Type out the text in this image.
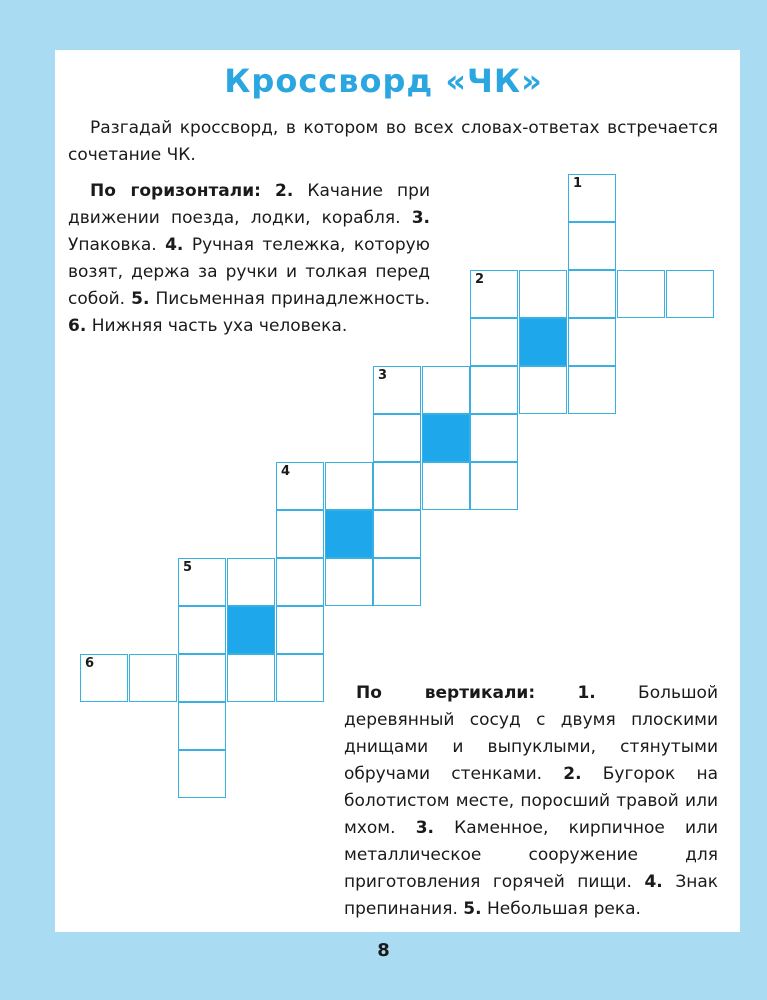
Кроссворд «ЧК»

Разгадай кроссворд, в котором во всех словах-ответах встречается сочетание ЧК.

По горизонтали: 2. Качание при движении поезда, лодки, корабля. 3. Упаковка. 4. Ручная тележка, которую возят, держа за ручки и толкая перед собой. 5. Письменная принадлежность. 6. Нижняя часть уха человека.

1
2
3
4
5
6

По вертикали: 1. Большой деревянный сосуд с двумя плоскими днищами и выпуклыми, стянутыми обручами стенками. 2. Бугорок на болотистом месте, поросший травой или мхом. 3. Каменное, кирпичное или металлическое сооружение для приготовления горячей пищи. 4. Знак препинания. 5. Небольшая река.

8
